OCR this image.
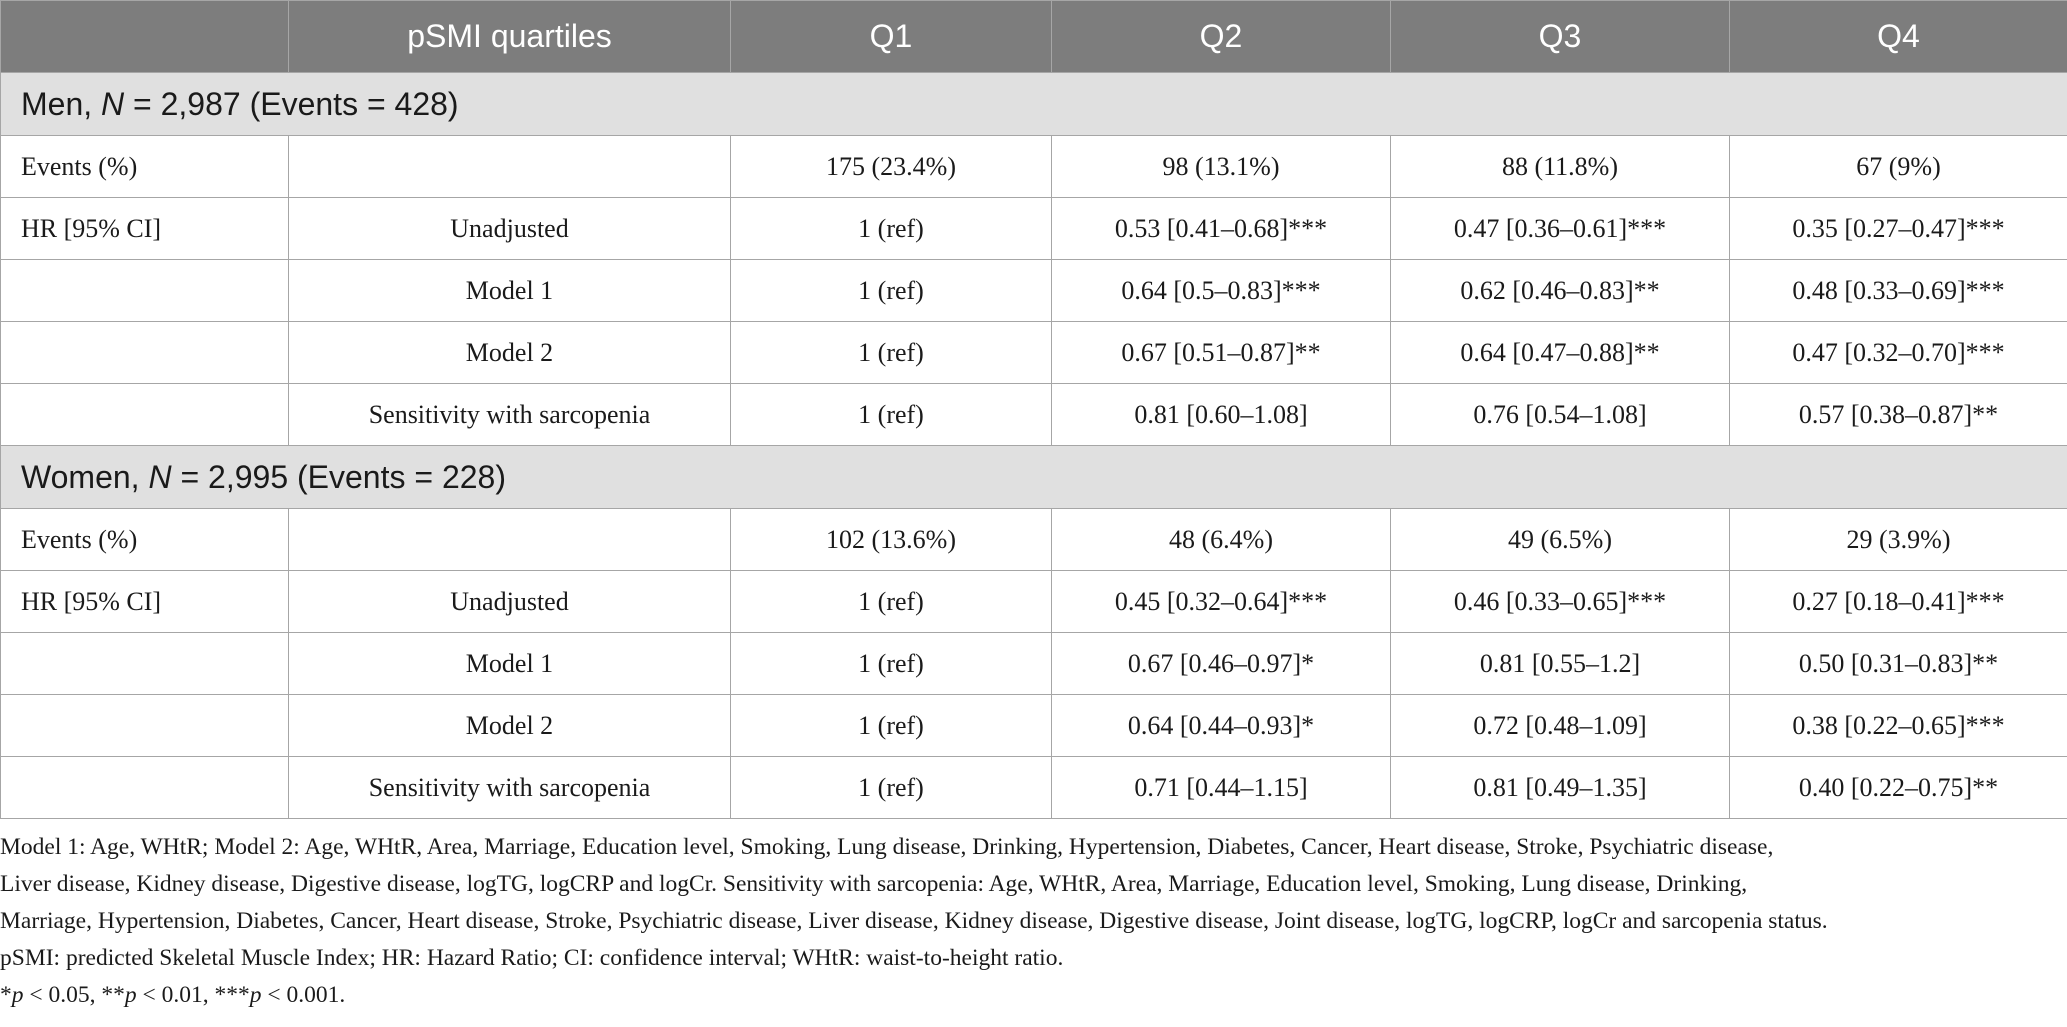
	pSMI quartiles	Q1	Q2	Q3	Q4
Men, N = 2,987 (Events = 428)					
Events (%)		175 (23.4%)	98 (13.1%)	88 (11.8%)	67 (9%)
HR [95% CI]	Unadjusted	1 (ref)	0.53 [0.41–0.68]***	0.47 [0.36–0.61]***	0.35 [0.27–0.47]***
	Model 1	1 (ref)	0.64 [0.5–0.83]***	0.62 [0.46–0.83]**	0.48 [0.33–0.69]***
	Model 2	1 (ref)	0.67 [0.51–0.87]**	0.64 [0.47–0.88]**	0.47 [0.32–0.70]***
	Sensitivity with sarcopenia	1 (ref)	0.81 [0.60–1.08]	0.76 [0.54–1.08]	0.57 [0.38–0.87]**
Women, N = 2,995 (Events = 228)					
Events (%)		102 (13.6%)	48 (6.4%)	49 (6.5%)	29 (3.9%)
HR [95% CI]	Unadjusted	1 (ref)	0.45 [0.32–0.64]***	0.46 [0.33–0.65]***	0.27 [0.18–0.41]***
	Model 1	1 (ref)	0.67 [0.46–0.97]*	0.81 [0.55–1.2]	0.50 [0.31–0.83]**
	Model 2	1 (ref)	0.64 [0.44–0.93]*	0.72 [0.48–1.09]	0.38 [0.22–0.65]***
	Sensitivity with sarcopenia	1 (ref)	0.71 [0.44–1.15]	0.81 [0.49–1.35]	0.40 [0.22–0.75]**

Model 1: Age, WHtR; Model 2: Age, WHtR, Area, Marriage, Education level, Smoking, Lung disease, Drinking, Hypertension, Diabetes, Cancer, Heart disease, Stroke, Psychiatric disease,

Liver disease, Kidney disease, Digestive disease, logTG, logCRP and logCr. Sensitivity with sarcopenia: Age, WHtR, Area, Marriage, Education level, Smoking, Lung disease, Drinking,

Marriage, Hypertension, Diabetes, Cancer, Heart disease, Stroke, Psychiatric disease, Liver disease, Kidney disease, Digestive disease, Joint disease, logTG, logCRP, logCr and sarcopenia status.

pSMI: predicted Skeletal Muscle Index; HR: Hazard Ratio; CI: confidence interval; WHtR: waist-to-height ratio.

*p < 0.05, **p < 0.01, ***p < 0.001.
